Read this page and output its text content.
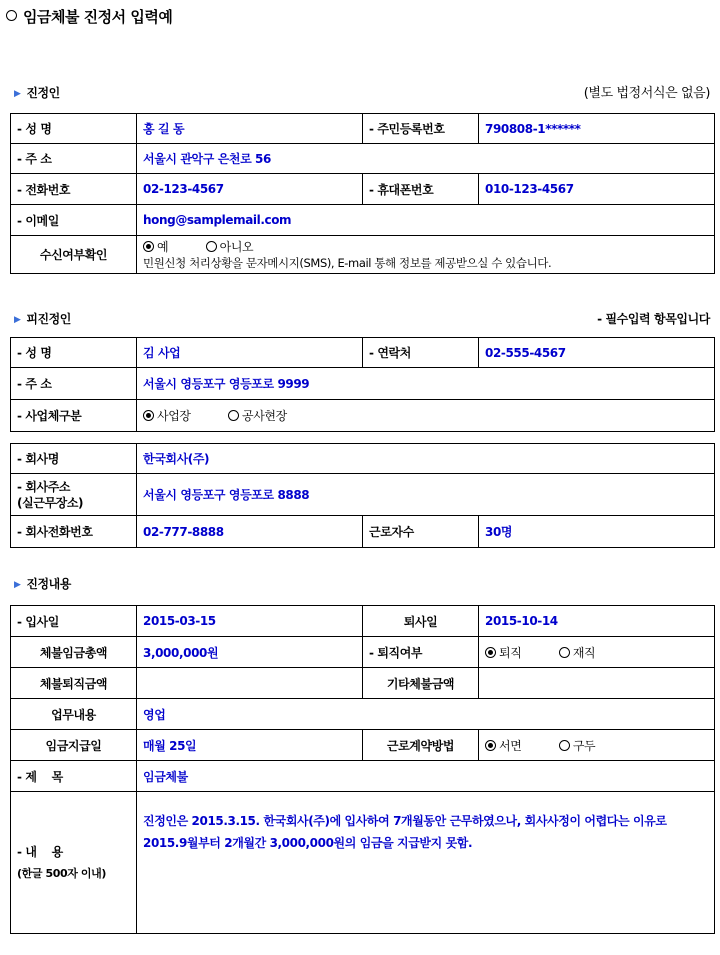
임금체불 진정서 입력예
▶ 진정인	(별도 법정서식은 없음)
- 성 명	홍 길 동	- 주민등록번호	790808-1******
- 주 소	서울시 관악구 은천로 56		
- 전화번호	02-123-4567	- 휴대폰번호	010-123-4567
- 이메일	hong@samplemail.com		
수신여부확인	예 아니오
민원신청 처리상황을 문자메시지(SMS), E-mail 통해 정보를 제공받으실 수 있습니다.		
▶ 피진정인	- 필수입력 항목입니다
- 성 명	김 사업	- 연락처	02-555-4567
- 주 소	서울시 영등포구 영등포로 9999		
- 사업체구분	사업장 공사현장		
- 회사명	한국회사(주)		

- 회사주소
(실근무장소)	서울시 영등포구 영등포로 8888		
- 회사전화번호	02-777-8888	근로자수	30명
▶ 진정내용
- 입사일	2015-03-15	퇴사일	2015-10-14
체불임금총액	3,000,000원	- 퇴직여부	퇴직 재직
체불퇴직금액		기타체불금액	
업무내용	영업		
임금지급일	매월 25일	근로계약방법	서면 구두
- 제    목	임금체불		

- 내    용
(한글 500자 이내)	진정인은 2015.3.15. 한국회사(주)에 입사하여 7개월동안 근무하였으나, 회사사정이 어렵다는 이유로 2015.9월부터 2개월간 3,000,000원의 임금을 지급받지 못함.		
